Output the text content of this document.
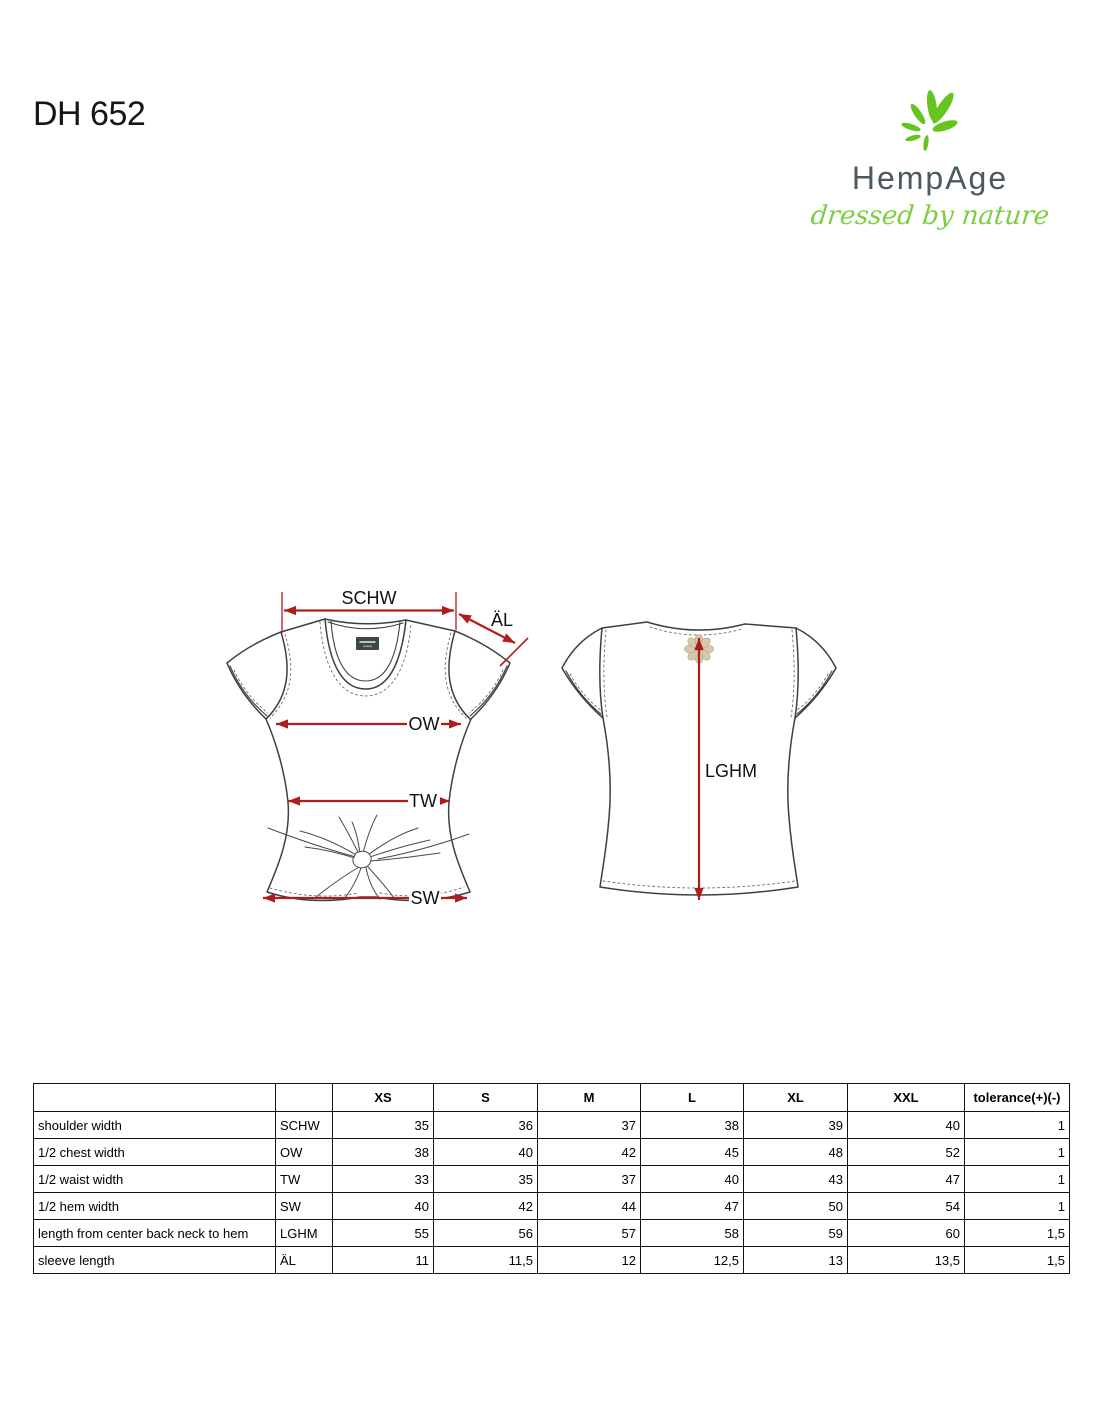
DH 652
HempAge
dressed by nature
SCHW
ÄL
OW
TW
SW
LGHM
		XS	S	M	L	XL	XXL	tolerance(+)(-)
shoulder width	SCHW	35	36	37	38	39	40	1
1/2 chest width	OW	38	40	42	45	48	52	1
1/2 waist width	TW	33	35	37	40	43	47	1
1/2 hem width	SW	40	42	44	47	50	54	1
length from center back neck to hem	LGHM	55	56	57	58	59	60	1,5
sleeve length	ÄL	11	11,5	12	12,5	13	13,5	1,5
